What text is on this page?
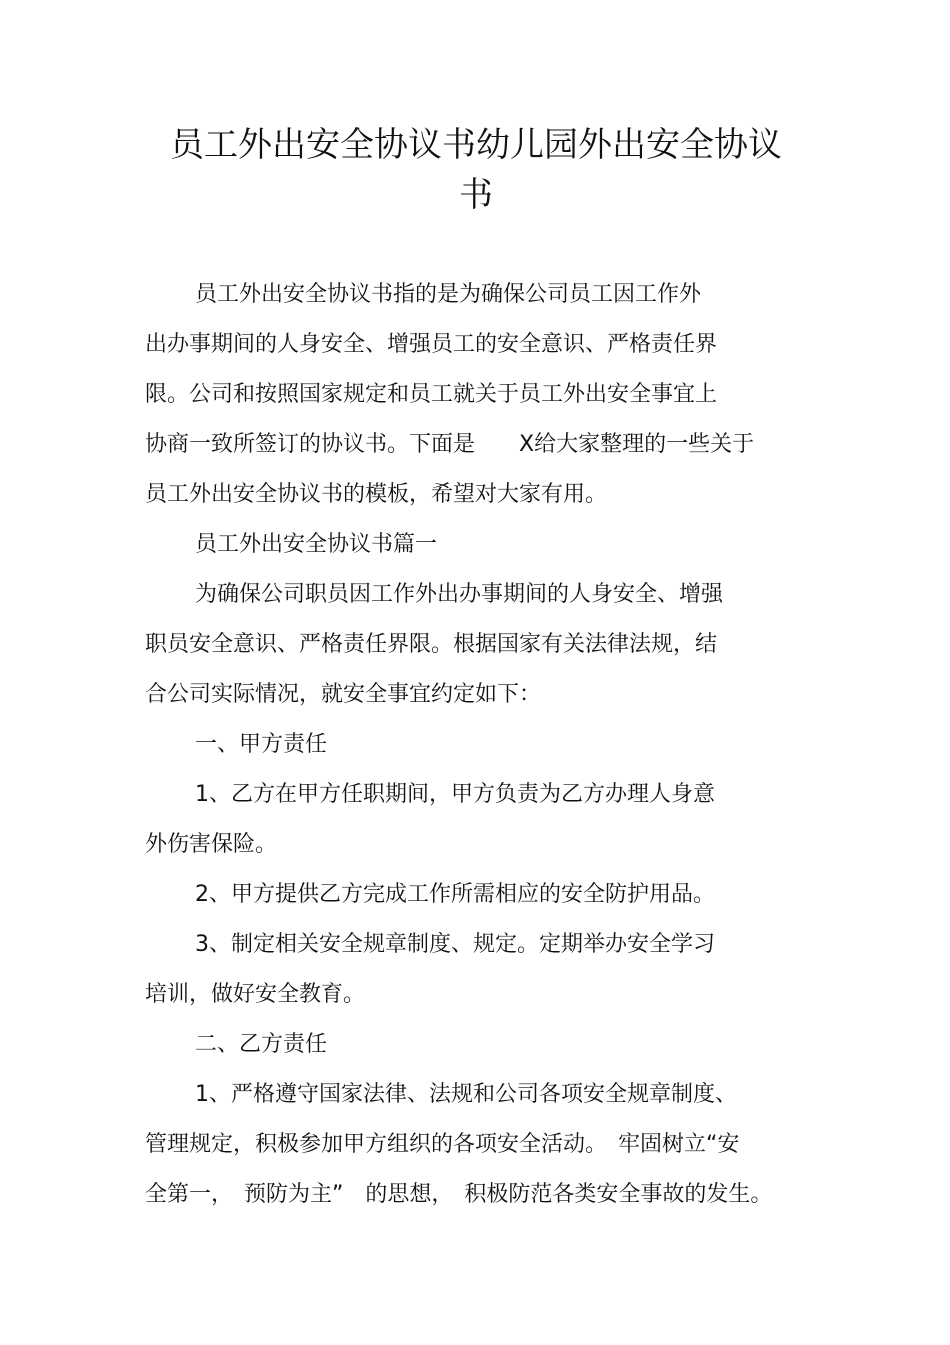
员工外出安全协议书幼儿园外出安全协议
书
员工外出安全协议书指的是为确保公司员工因工作外
出办事期间的人身安全、增强员工的安全意识、严格责任界
限。公司和按照国家规定和员工就关于员工外出安全事宜上
协商一致所签订的协议书。下面是　　X给大家整理的一些关于
员工外出安全协议书的模板，希望对大家有用。
员工外出安全协议书篇一
为确保公司职员因工作外出办事期间的人身安全、增强
职员安全意识、严格责任界限。根据国家有关法律法规，结
合公司实际情况，就安全事宜约定如下：
一、甲方责任
1、乙方在甲方任职期间，甲方负责为乙方办理人身意
外伤害保险。
2、甲方提供乙方完成工作所需相应的安全防护用品。
3、制定相关安全规章制度、规定。定期举办安全学习
培训，做好安全教育。
二、乙方责任
1、严格遵守国家法律、法规和公司各项安全规章制度、
管理规定，积极参加甲方组织的各项安全活动。　牢固树立“安
全第一，　预防为主”　的思想，　积极防范各类安全事故的发生。
